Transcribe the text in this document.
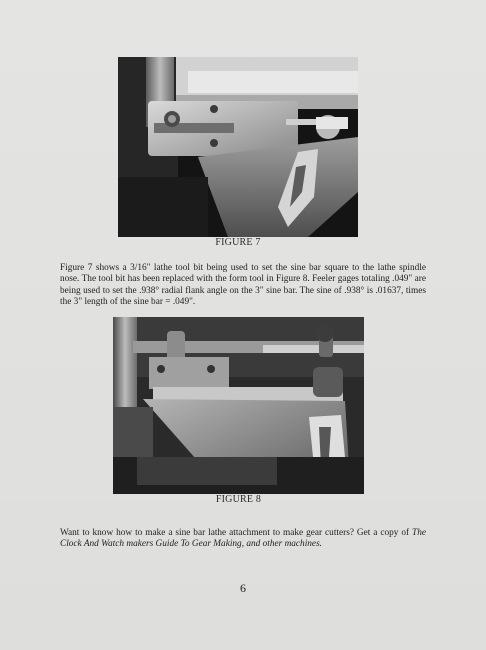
FIGURE 7
Figure 7 shows a 3/16" lathe tool bit being used to set the sine bar square to the lathe spindle nose. The tool bit has been replaced with the form tool in Figure 8. Feeler gages totaling .049" are being used to set the .938° radial flank angle on the 3" sine bar. The sine of .938° is .01637, times the 3" length of the sine bar = .049".
FIGURE 8
Want to know how to make a sine bar lathe attachment to make gear cutters? Get a copy of The Clock And Watch makers Guide To Gear Making, and other machines.
6
